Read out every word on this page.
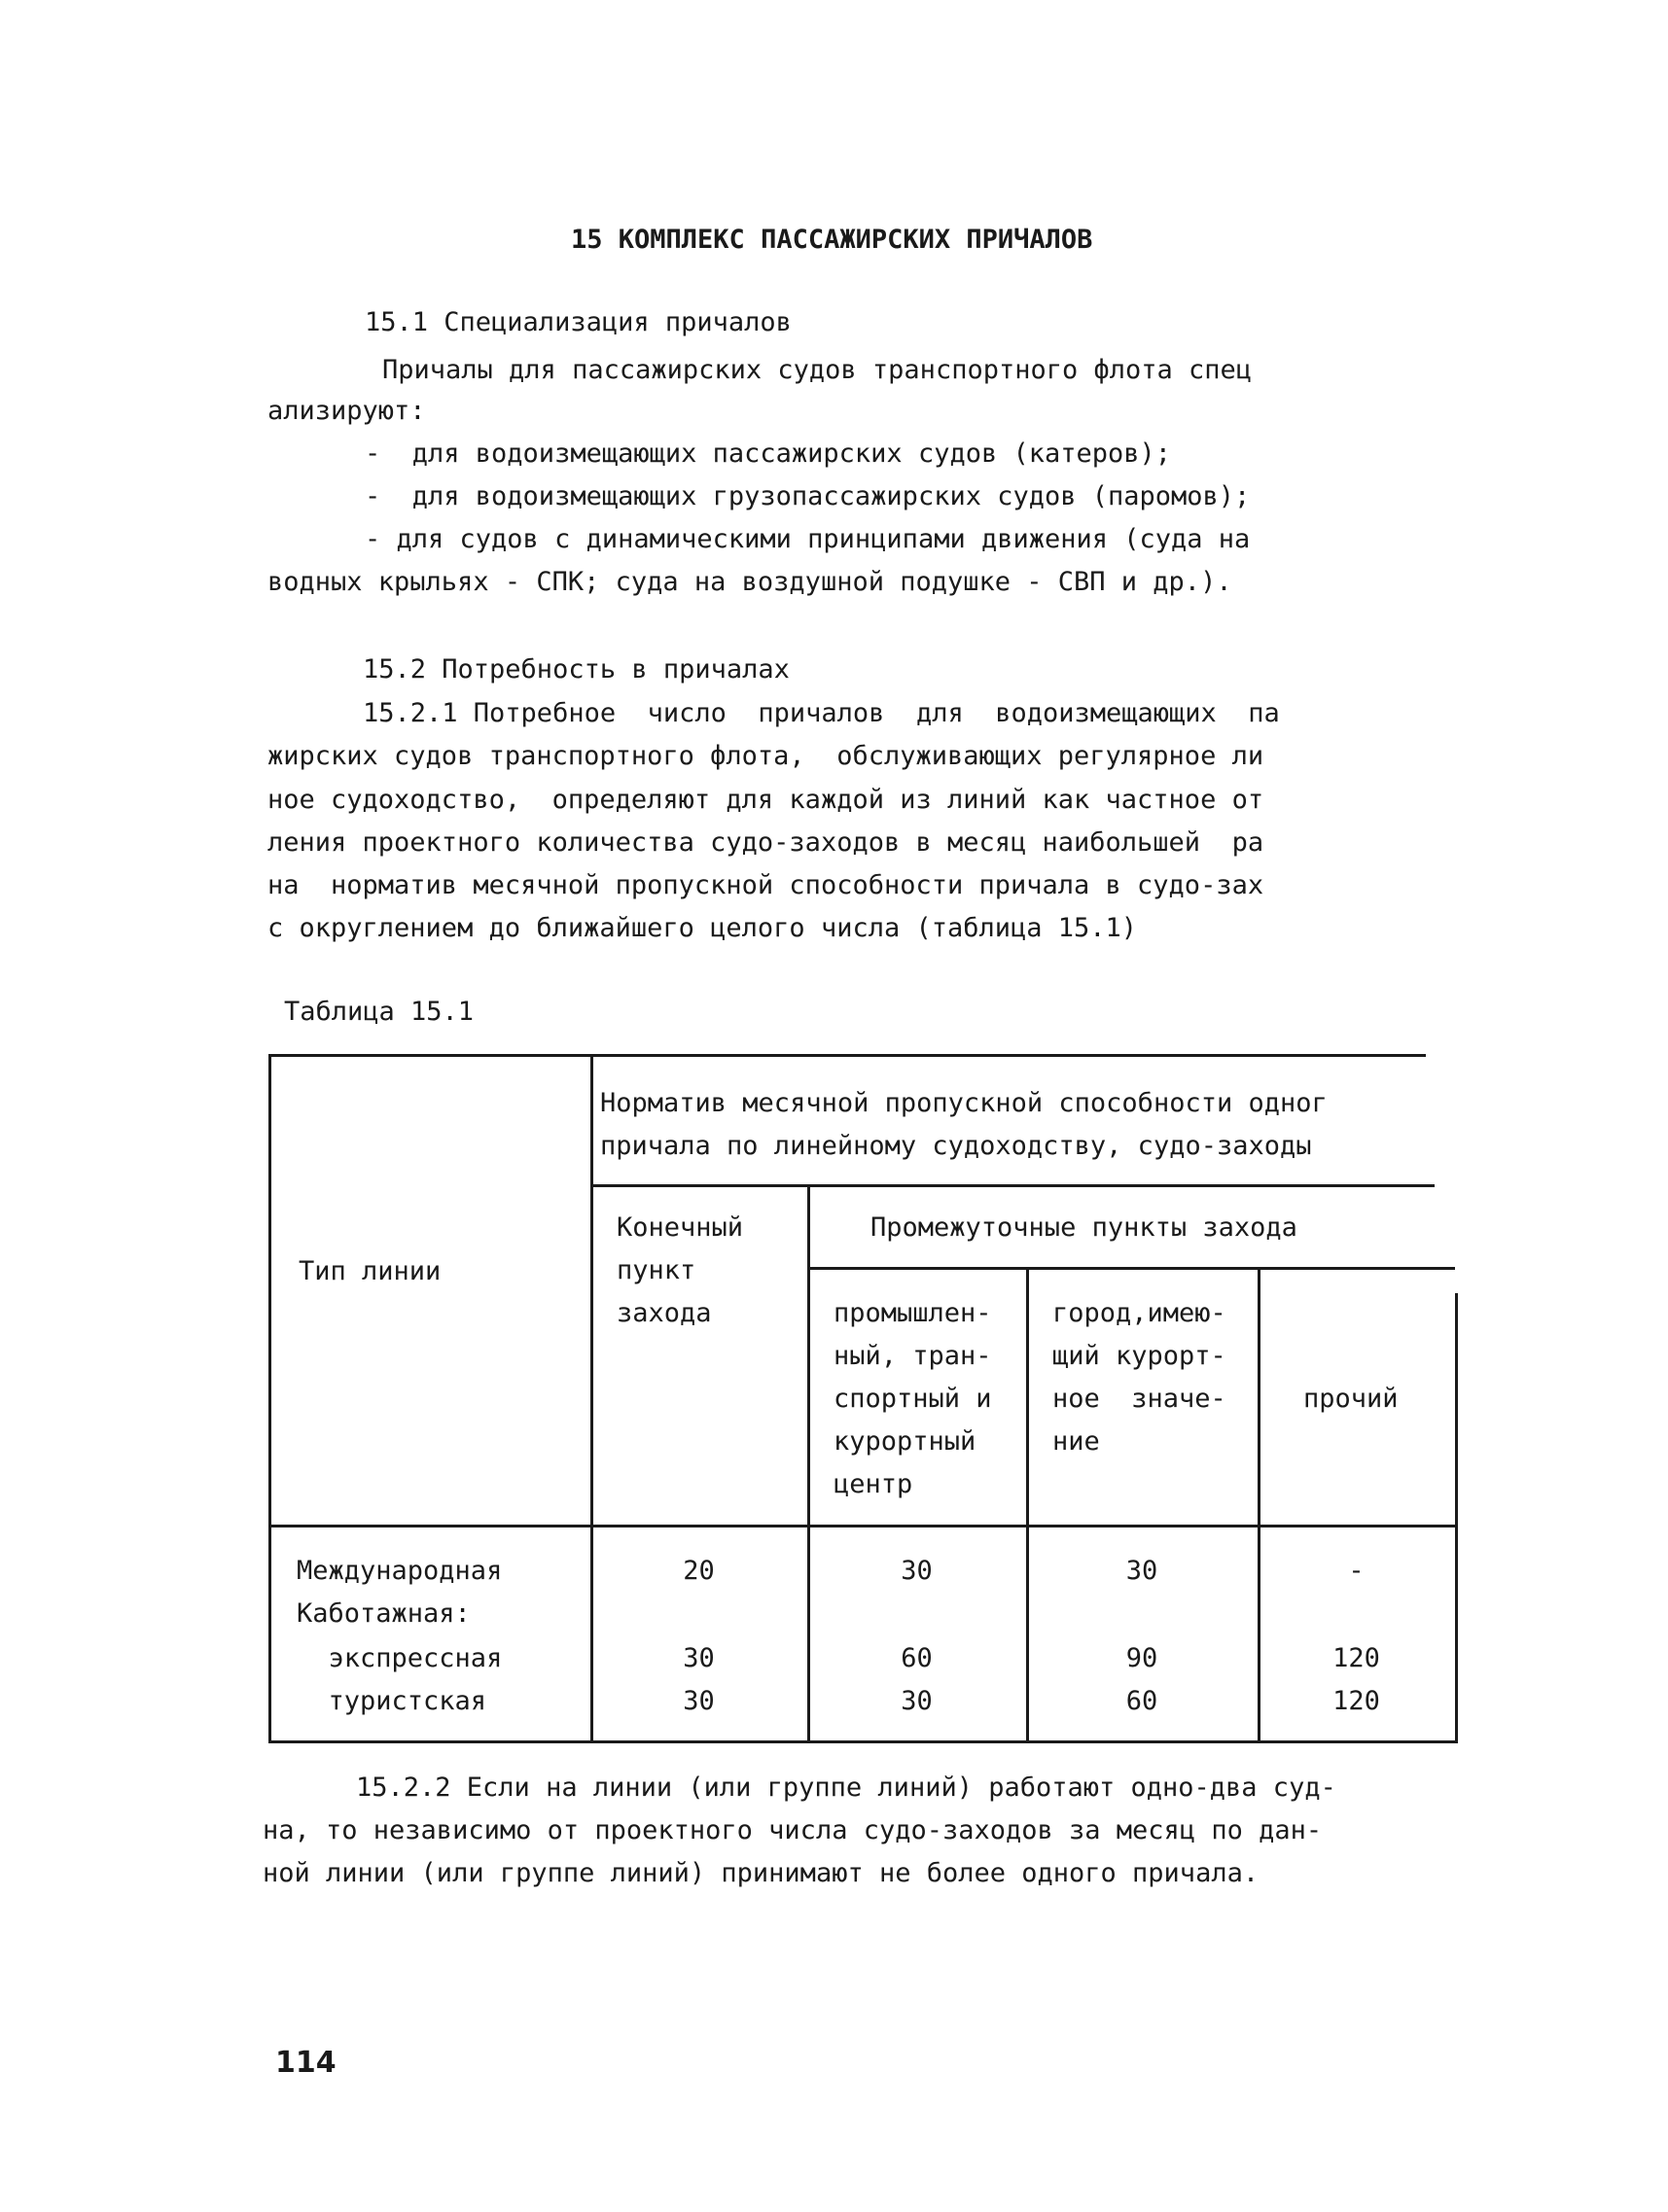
15 КОМПЛЕКС ПАССАЖИРСКИХ ПРИЧАЛОВ
15.1 Специализация причалов
Причалы для пассажирских судов транспортного флота спец
ализируют:
-  для водоизмещающих пассажирских судов (катеров);
-  для водоизмещающих грузопассажирских судов (паромов);
- для судов с динамическими принципами движения (суда на
водных крыльях - СПК; суда на воздушной подушке - СВП и др.).
15.2 Потребность в причалах
15.2.1 Потребное  число  причалов  для  водоизмещающих  па
жирских судов транспортного флота,  обслуживающих регулярное ли
ное судоходство,  определяют для каждой из линий как частное от
ления проектного количества судо-заходов в месяц наибольшей  ра
на  норматив месячной пропускной способности причала в судо-зах
с округлением до ближайшего целого числа (таблица 15.1)
Таблица 15.1
Тип линии
Норматив месячной пропускной способности одног
причала по линейному судоходству, судо-заходы
Конечный
пункт
захода
Промежуточные пункты захода
промышлен-
ный, тран-
спортный и
курортный
центр
город,имею-
щий курорт-
ное  значе-
ние
прочий
Международная
Каботажная:
экспрессная
туристская
20
30
30
30
60
30
30
90
60
-
120
120
15.2.2 Если на линии (или группе линий) работают одно-два суд-
на, то независимо от проектного числа судо-заходов за месяц по дан-
ной линии (или группе линий) принимают не более одного причала.
114
